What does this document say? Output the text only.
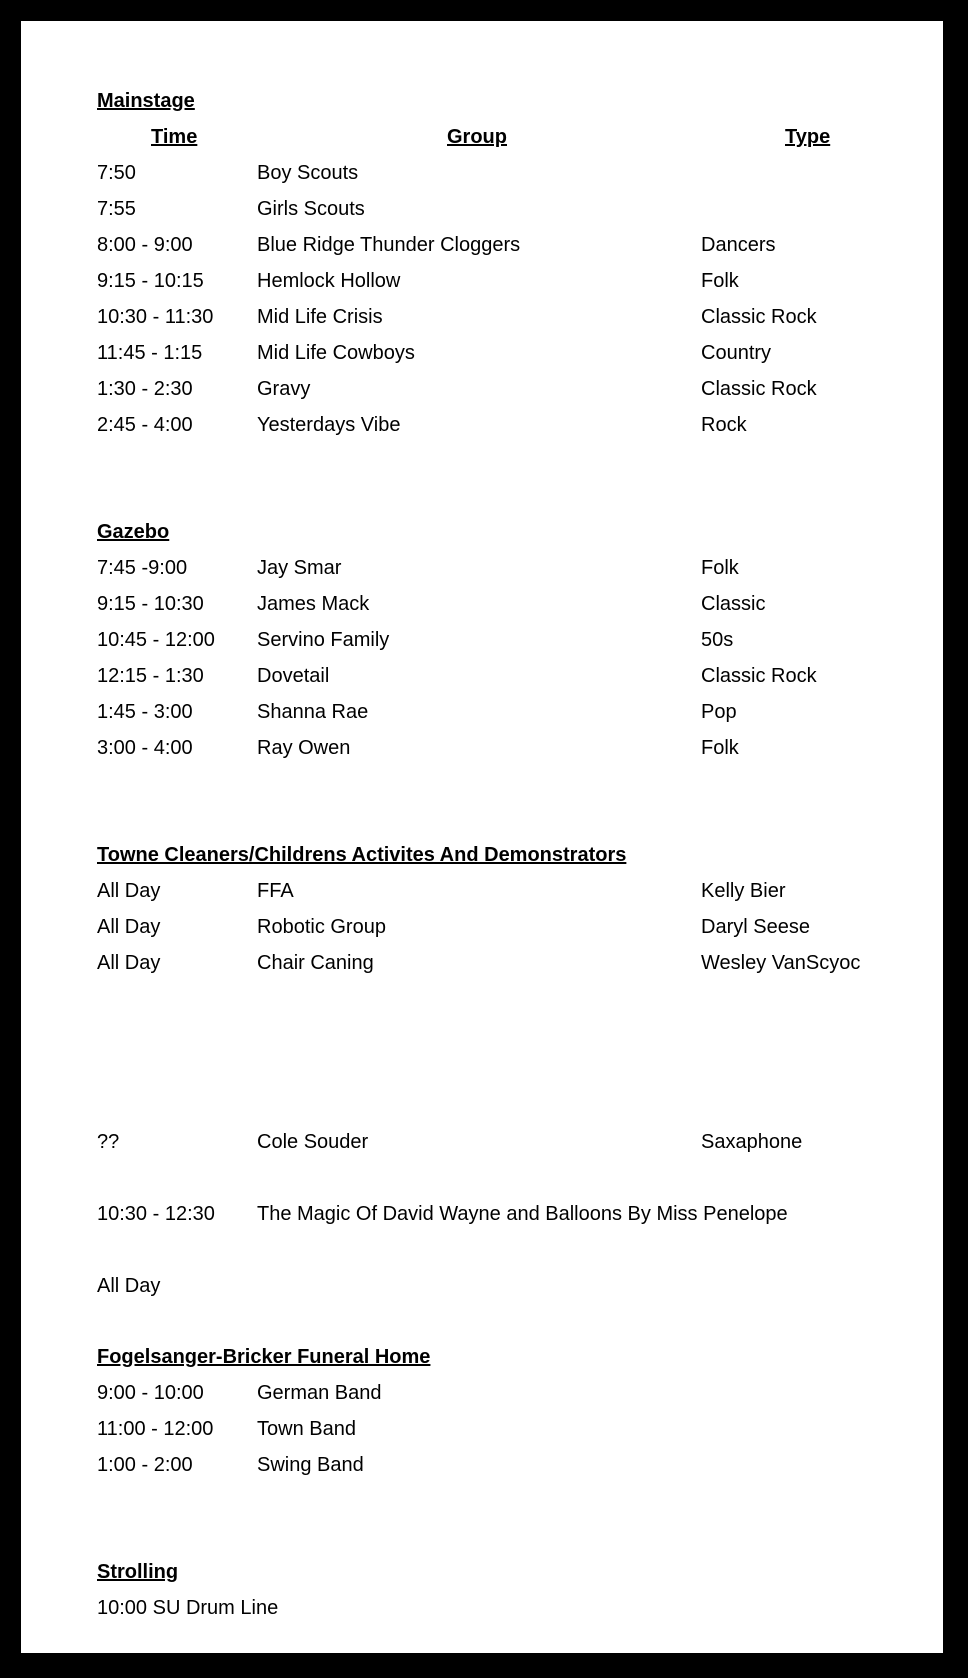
Mainstage
Time	Group	Type
7:50	Boy Scouts
7:55	Girls Scouts
8:00 - 9:00	Blue Ridge Thunder Cloggers	Dancers
9:15 - 10:15	Hemlock Hollow	Folk
10:30 - 11:30 Mid Life Crisis	Classic Rock
11:45 - 1:15	Mid Life Cowboys	Country
1:30 - 2:30	Gravy	Classic Rock
2:45 - 4:00	Yesterdays Vibe	Rock
Gazebo
7:45 -9:00	Jay Smar	Folk
9:15 - 10:30	James Mack	Classic
10:45 - 12:00 Servino Family	50s
12:15 - 1:30	Dovetail	Classic Rock
1:45 - 3:00	Shanna Rae	Pop
3:00 - 4:00	Ray Owen	Folk
Towne Cleaners/Childrens Activites And Demonstrators
All Day	FFA	Kelly Bier
All Day	Robotic Group	Daryl Seese
All Day	Chair Caning	Wesley VanScyoc
??	Cole Souder	Saxaphone
10:30 - 12:30 The Magic Of David Wayne and Balloons By Miss Penelope
All Day
Fogelsanger-Bricker Funeral Home
9:00 - 10:00	German Band
11:00 - 12:00 Town Band
1:00 - 2:00	Swing Band
Strolling
10:00 SU Drum Line
